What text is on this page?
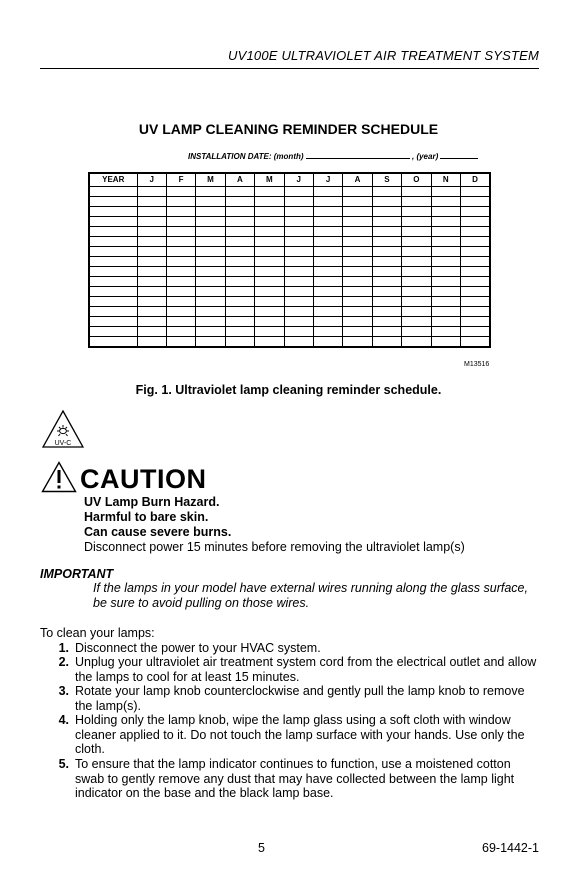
UV100E ULTRAVIOLET AIR TREATMENT SYSTEM
UV LAMP CLEANING REMINDER SCHEDULE
INSTALLATION DATE: (month)	, (year)
YEAR	J	F	M	A	M	J	J	A	S	O	N	D

M13516
Fig. 1. Ultraviolet lamp cleaning reminder schedule.
UV-C
CAUTION
UV Lamp Burn Hazard.
Harmful to bare skin.
Can cause severe burns.
Disconnect power 15 minutes before removing the ultraviolet lamp(s)
IMPORTANT
If the lamps in your model have external wires running along the glass surface, be sure to avoid pulling on those wires.
To clean your lamps:
1. Disconnect the power to your HVAC system.
2. Unplug your ultraviolet air treatment system cord from the electrical outlet and allow the lamps to cool for at least 15 minutes.
3. Rotate your lamp knob counterclockwise and gently pull the lamp knob to remove the lamp(s).
4. Holding only the lamp knob, wipe the lamp glass using a soft cloth with window cleaner applied to it. Do not touch the lamp surface with your hands. Use only the cloth.
5. To ensure that the lamp indicator continues to function, use a moistened cotton swab to gently remove any dust that may have collected between the lamp light indicator on the base and the black lamp base.
5	69-1442-1
